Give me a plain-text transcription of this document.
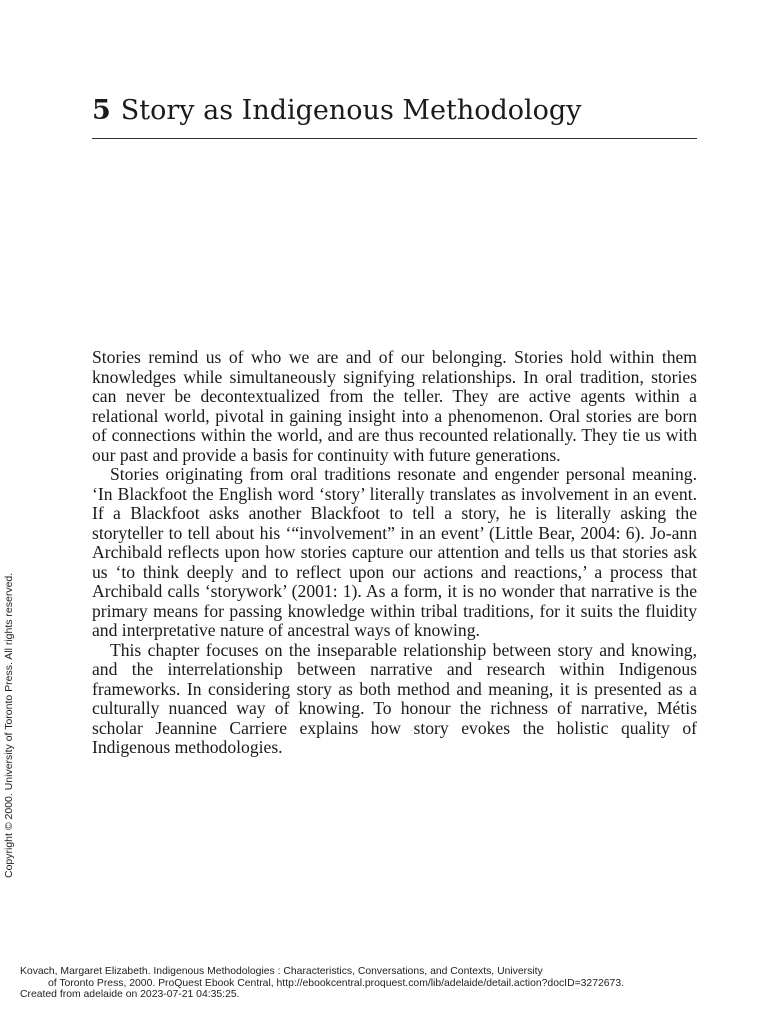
5 Story as Indigenous Methodology

Stories remind us of who we are and of our belonging. Stories hold within them knowledges while simultaneously signifying relationships. In oral tradition, stories can never be decontextualized from the teller. They are active agents within a relational world, pivotal in gaining insight into a phenomenon. Oral stories are born of connections within the world, and are thus recounted relationally. They tie us with our past and provide a basis for continuity with future generations.

Stories originating from oral traditions resonate and engender personal meaning. ‘In Blackfoot the English word ‘story’ literally translates as involvement in an event. If a Blackfoot asks another Blackfoot to tell a story, he is literally asking the storyteller to tell about his ‘“involvement” in an event’ (Little Bear, 2004: 6). Jo-ann Archibald reflects upon how stories capture our attention and tells us that stories ask us ‘to think deeply and to reflect upon our actions and reactions,’ a process that Archibald calls ‘storywork’ (2001: 1). As a form, it is no wonder that narrative is the primary means for passing knowledge within tribal traditions, for it suits the fluidity and interpretative nature of ancestral ways of knowing.

This chapter focuses on the inseparable relationship between story and knowing, and the interrelationship between narrative and research within Indigenous frameworks. In considering story as both method and meaning, it is presented as a culturally nuanced way of knowing. To honour the richness of narrative, Métis scholar Jeannine Carriere explains how story evokes the holistic quality of Indigenous methodologies.

Copyright © 2000. University of Toronto Press. All rights reserved.
Kovach, Margaret Elizabeth. Indigenous Methodologies : Characteristics, Conversations, and Contexts, University
of Toronto Press, 2000. ProQuest Ebook Central, http://ebookcentral.proquest.com/lib/adelaide/detail.action?docID=3272673.
Created from adelaide on 2023-07-21 04:35:25.
